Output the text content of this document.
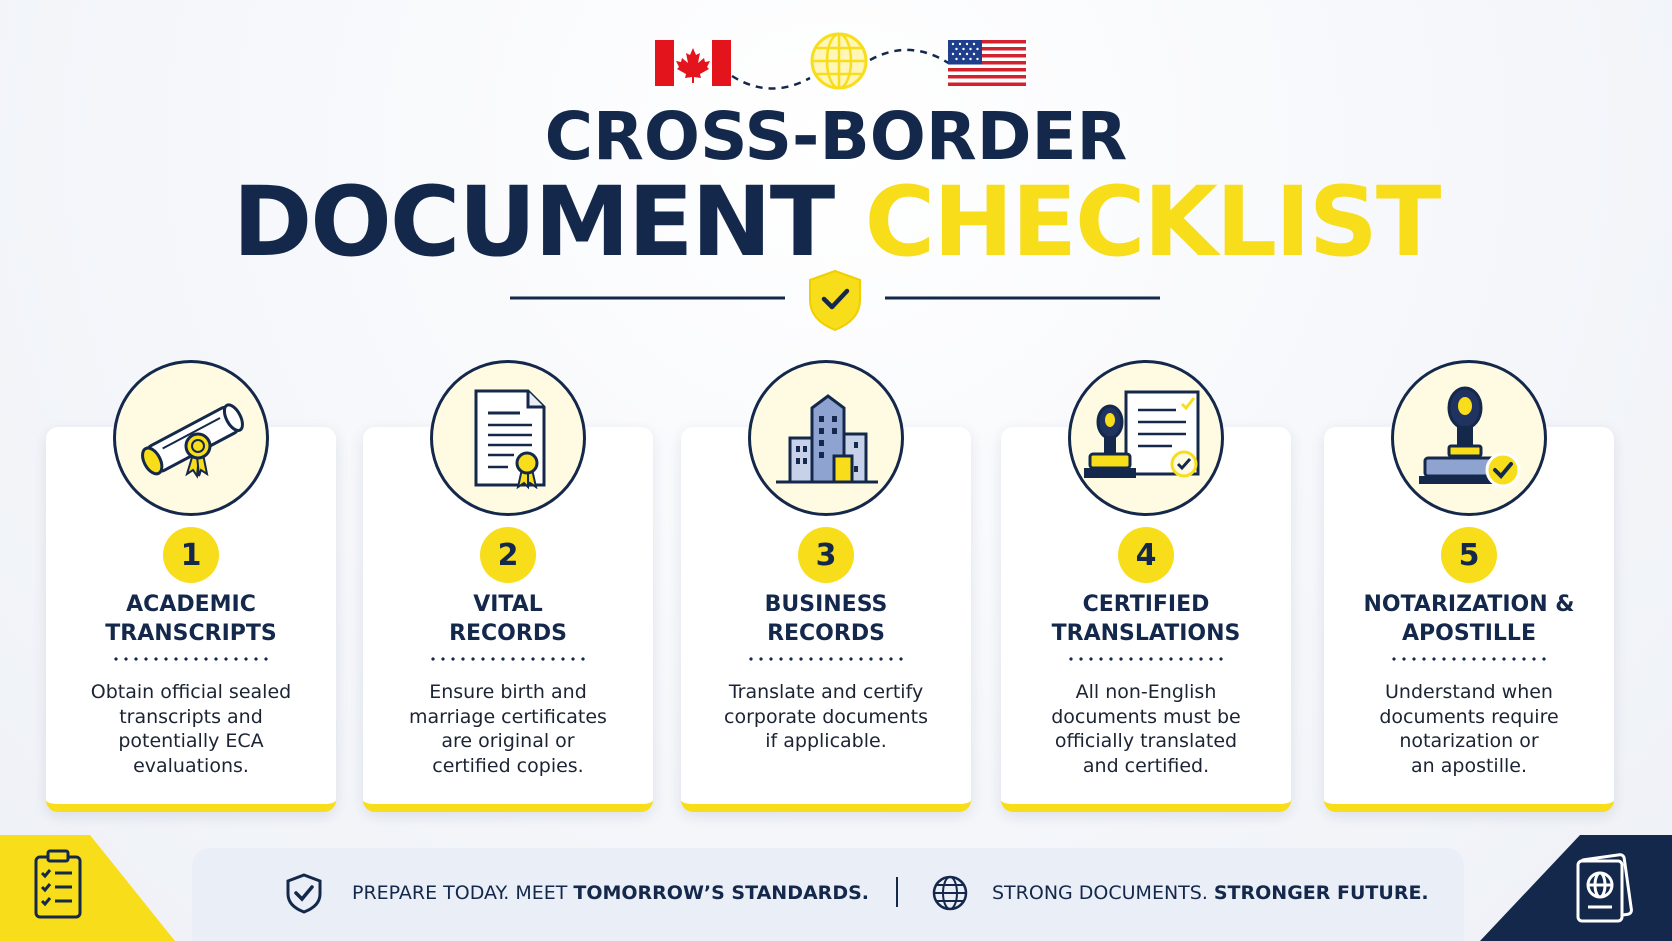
CROSS-BORDER
DOCUMENT CHECKLIST
1
ACADEMIC
TRANSCRIPTS
Obtain official sealed
transcripts and
potentially ECA
evaluations.
2
VITAL
RECORDS
Ensure birth and
marriage certificates
are original or
certified copies.
3
BUSINESS
RECORDS
Translate and certify
corporate documents
if applicable.
4
CERTIFIED
TRANSLATIONS
All non-English
documents must be
officially translated
and certified.
5
NOTARIZATION &
APOSTILLE
Understand when
documents require
notarization or
an apostille.
PREPARE TODAY. MEET TOMORROW’S STANDARDS.	STRONG DOCUMENTS. STRONGER FUTURE.
